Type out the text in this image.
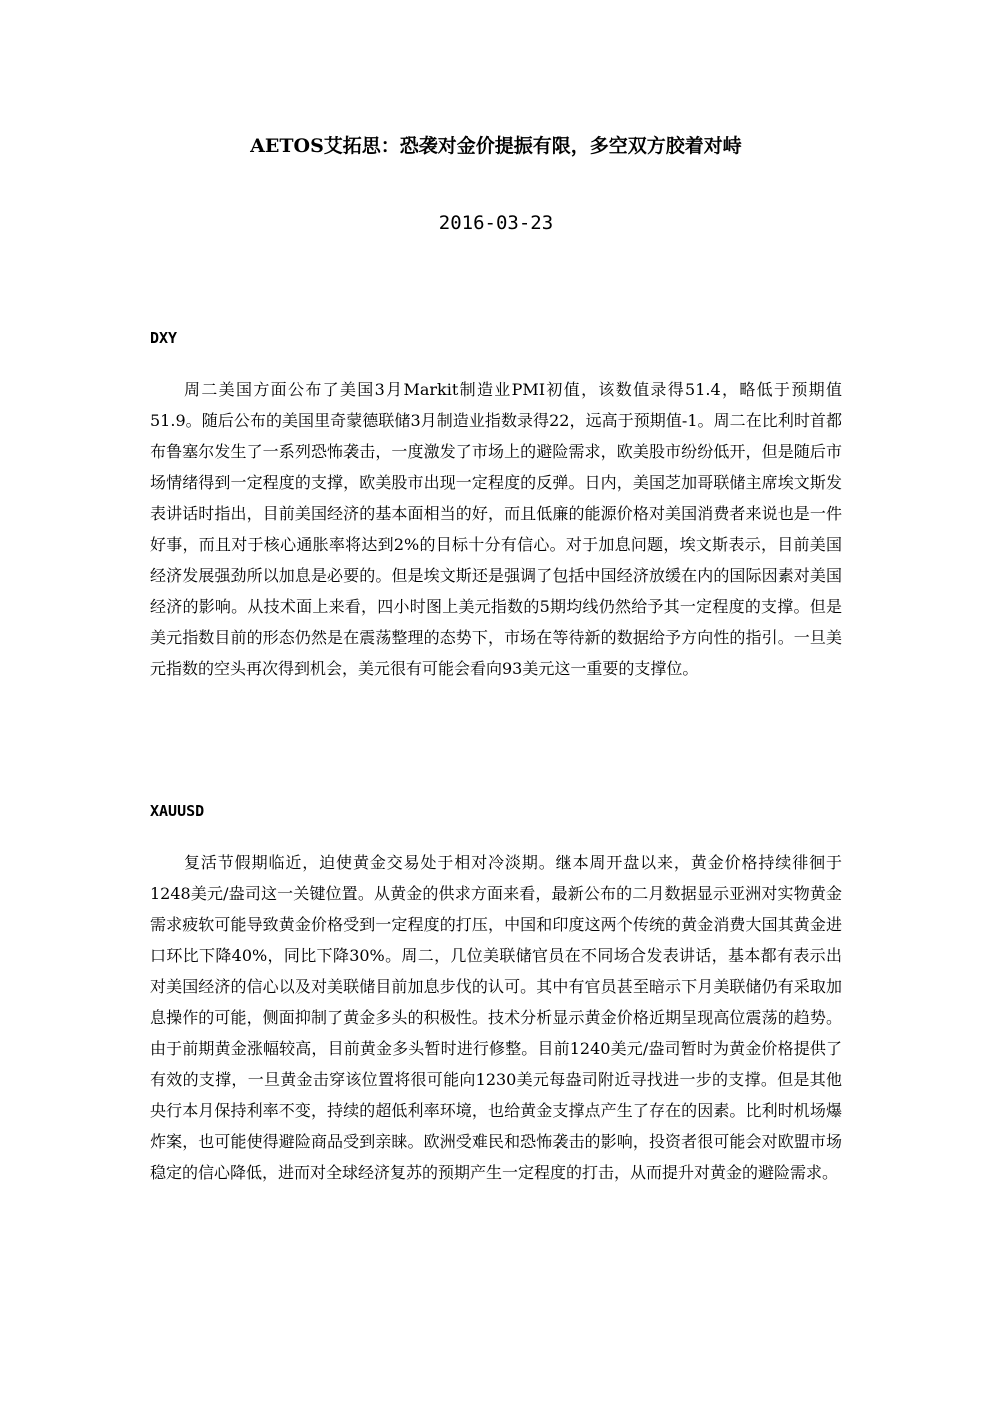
AETOS艾拓思：恐袭对金价提振有限，多空双方胶着对峙
2016-03-23
DXY
周二美国方面公布了美国3月Markit制造业PMI初值，该数值录得51.4，略低于预期值51.9。随后公布的美国里奇蒙德联储3月制造业指数录得22，远高于预期值-1。周二在比利时首都布鲁塞尔发生了一系列恐怖袭击，一度激发了市场上的避险需求，欧美股市纷纷低开，但是随后市场情绪得到一定程度的支撑，欧美股市出现一定程度的反弹。日内，美国芝加哥联储主席埃文斯发表讲话时指出，目前美国经济的基本面相当的好，而且低廉的能源价格对美国消费者来说也是一件好事，而且对于核心通胀率将达到2%的目标十分有信心。对于加息问题，埃文斯表示，目前美国经济发展强劲所以加息是必要的。但是埃文斯还是强调了包括中国经济放缓在内的国际因素对美国经济的影响。从技术面上来看，四小时图上美元指数的5期均线仍然给予其一定程度的支撑。但是美元指数目前的形态仍然是在震荡整理的态势下，市场在等待新的数据给予方向性的指引。一旦美元指数的空头再次得到机会，美元很有可能会看向93美元这一重要的支撑位。
XAUUSD
复活节假期临近，迫使黄金交易处于相对冷淡期。继本周开盘以来，黄金价格持续徘徊于1248美元/盎司这一关键位置。从黄金的供求方面来看，最新公布的二月数据显示亚洲对实物黄金需求疲软可能导致黄金价格受到一定程度的打压，中国和印度这两个传统的黄金消费大国其黄金进口环比下降40%，同比下降30%。周二，几位美联储官员在不同场合发表讲话，基本都有表示出对美国经济的信心以及对美联储目前加息步伐的认可。其中有官员甚至暗示下月美联储仍有采取加息操作的可能，侧面抑制了黄金多头的积极性。技术分析显示黄金价格近期呈现高位震荡的趋势。由于前期黄金涨幅较高，目前黄金多头暂时进行修整。目前1240美元/盎司暂时为黄金价格提供了有效的支撑，一旦黄金击穿该位置将很可能向1230美元每盎司附近寻找进一步的支撑。但是其他央行本月保持利率不变，持续的超低利率环境，也给黄金支撑点产生了存在的因素。比利时机场爆炸案，也可能使得避险商品受到亲睐。欧洲受难民和恐怖袭击的影响，投资者很可能会对欧盟市场稳定的信心降低，进而对全球经济复苏的预期产生一定程度的打击，从而提升对黄金的避险需求。
